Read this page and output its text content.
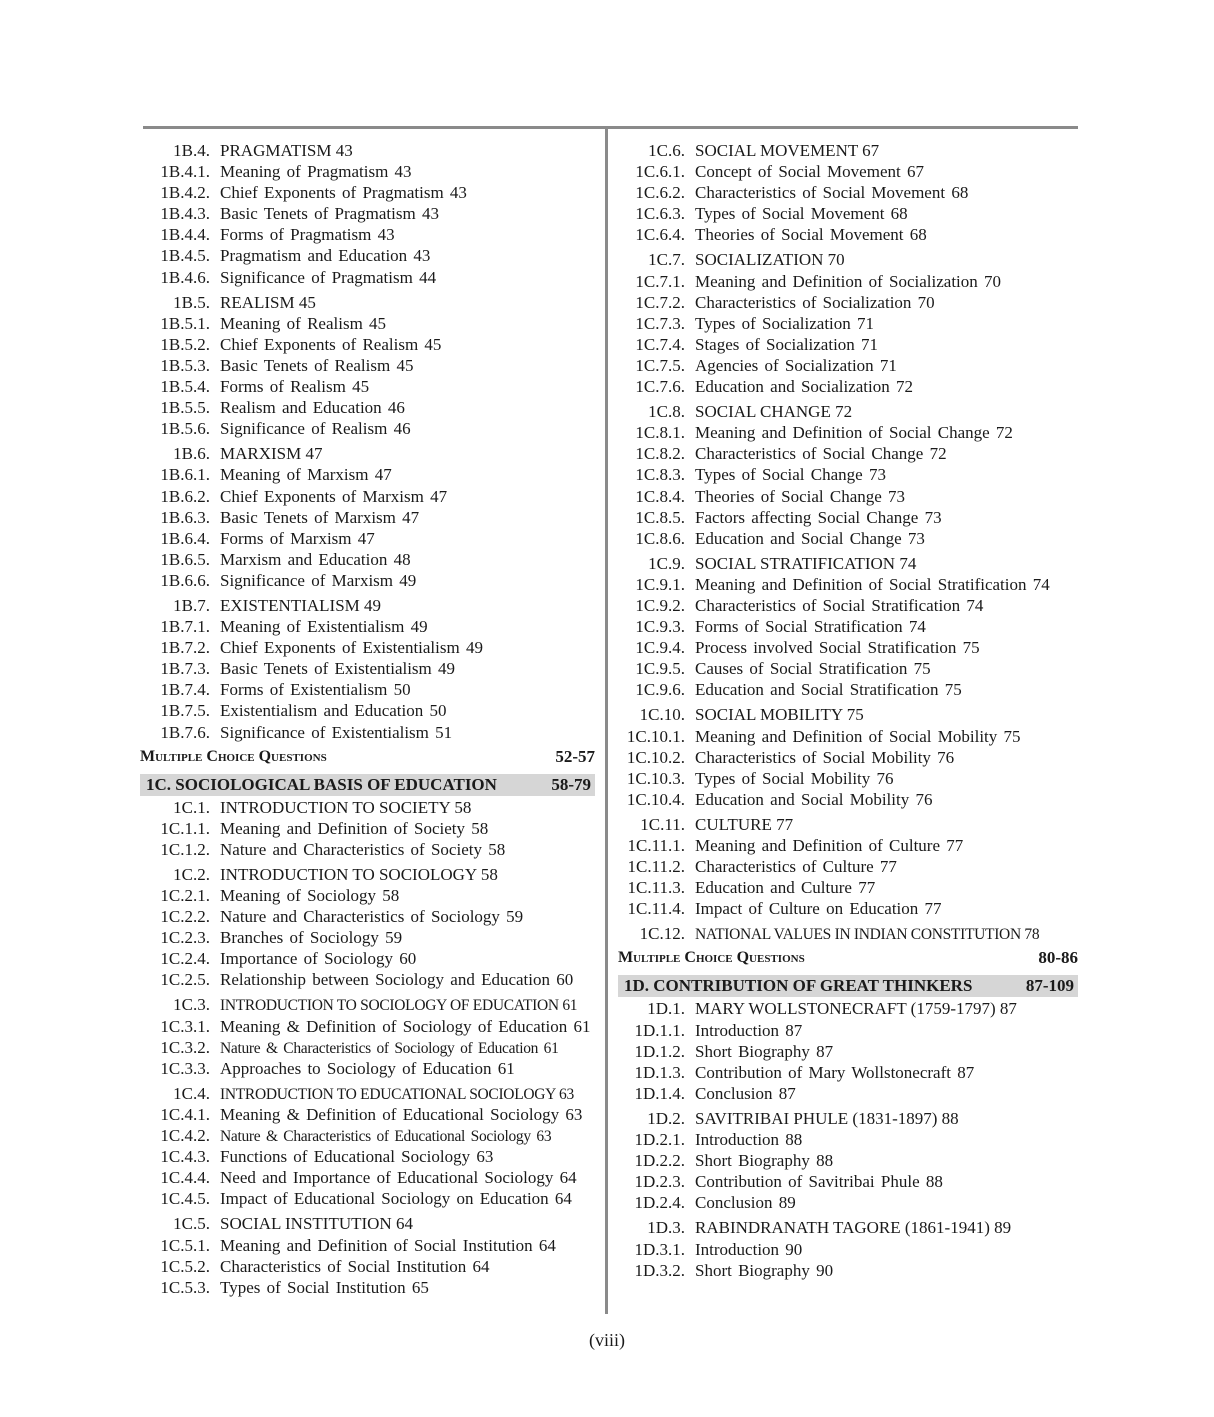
1B.4. PRAGMATISM 43
1B.4.1. Meaning of Pragmatism 43
1B.4.2. Chief Exponents of Pragmatism 43
1B.4.3. Basic Tenets of Pragmatism 43
1B.4.4. Forms of Pragmatism 43
1B.4.5. Pragmatism and Education 43
1B.4.6. Significance of Pragmatism 44
1B.5. REALISM 45
1B.5.1. Meaning of Realism 45
1B.5.2. Chief Exponents of Realism 45
1B.5.3. Basic Tenets of Realism 45
1B.5.4. Forms of Realism 45
1B.5.5. Realism and Education 46
1B.5.6. Significance of Realism 46
1B.6. MARXISM 47
1B.6.1. Meaning of Marxism 47
1B.6.2. Chief Exponents of Marxism 47
1B.6.3. Basic Tenets of Marxism 47
1B.6.4. Forms of Marxism 47
1B.6.5. Marxism and Education 48
1B.6.6. Significance of Marxism 49
1B.7. EXISTENTIALISM 49
1B.7.1. Meaning of Existentialism 49
1B.7.2. Chief Exponents of Existentialism 49
1B.7.3. Basic Tenets of Existentialism 49
1B.7.4. Forms of Existentialism 50
1B.7.5. Existentialism and Education 50
1B.7.6. Significance of Existentialism 51
Multiple Choice Questions	52-57
1C. SOCIOLOGICAL BASIS OF EDUCATION	58-79
1C.1. INTRODUCTION TO SOCIETY 58
1C.1.1. Meaning and Definition of Society 58
1C.1.2. Nature and Characteristics of Society 58
1C.2. INTRODUCTION TO SOCIOLOGY 58
1C.2.1. Meaning of Sociology 58
1C.2.2. Nature and Characteristics of Sociology 59
1C.2.3. Branches of Sociology 59
1C.2.4. Importance of Sociology 60
1C.2.5. Relationship between Sociology and Education 60
1C.3. INTRODUCTION TO SOCIOLOGY OF EDUCATION 61
1C.3.1. Meaning & Definition of Sociology of Education 61
1C.3.2. Nature & Characteristics of Sociology of Education 61
1C.3.3. Approaches to Sociology of Education 61
1C.4. INTRODUCTION TO EDUCATIONAL SOCIOLOGY 63
1C.4.1. Meaning & Definition of Educational Sociology 63
1C.4.2. Nature & Characteristics of Educational Sociology 63
1C.4.3. Functions of Educational Sociology 63
1C.4.4. Need and Importance of Educational Sociology 64
1C.4.5. Impact of Educational Sociology on Education 64
1C.5. SOCIAL INSTITUTION 64
1C.5.1. Meaning and Definition of Social Institution 64
1C.5.2. Characteristics of Social Institution 64
1C.5.3. Types of Social Institution 65
1C.6. SOCIAL MOVEMENT 67
1C.6.1. Concept of Social Movement 67
1C.6.2. Characteristics of Social Movement 68
1C.6.3. Types of Social Movement 68
1C.6.4. Theories of Social Movement 68
1C.7. SOCIALIZATION 70
1C.7.1. Meaning and Definition of Socialization 70
1C.7.2. Characteristics of Socialization 70
1C.7.3. Types of Socialization 71
1C.7.4. Stages of Socialization 71
1C.7.5. Agencies of Socialization 71
1C.7.6. Education and Socialization 72
1C.8. SOCIAL CHANGE 72
1C.8.1. Meaning and Definition of Social Change 72
1C.8.2. Characteristics of Social Change 72
1C.8.3. Types of Social Change 73
1C.8.4. Theories of Social Change 73
1C.8.5. Factors affecting Social Change 73
1C.8.6. Education and Social Change 73
1C.9. SOCIAL STRATIFICATION 74
1C.9.1. Meaning and Definition of Social Stratification 74
1C.9.2. Characteristics of Social Stratification 74
1C.9.3. Forms of Social Stratification 74
1C.9.4. Process involved Social Stratification 75
1C.9.5. Causes of Social Stratification 75
1C.9.6. Education and Social Stratification 75
1C.10. SOCIAL MOBILITY 75
1C.10.1. Meaning and Definition of Social Mobility 75
1C.10.2. Characteristics of Social Mobility 76
1C.10.3. Types of Social Mobility 76
1C.10.4. Education and Social Mobility 76
1C.11. CULTURE 77
1C.11.1. Meaning and Definition of Culture 77
1C.11.2. Characteristics of Culture 77
1C.11.3. Education and Culture 77
1C.11.4. Impact of Culture on Education 77
1C.12. NATIONAL VALUES IN INDIAN CONSTITUTION 78
Multiple Choice Questions	80-86
1D. CONTRIBUTION OF GREAT THINKERS	87-109
1D.1. MARY WOLLSTONECRAFT (1759-1797) 87
1D.1.1. Introduction 87
1D.1.2. Short Biography 87
1D.1.3. Contribution of Mary Wollstonecraft 87
1D.1.4. Conclusion 87
1D.2. SAVITRIBAI PHULE (1831-1897) 88
1D.2.1. Introduction 88
1D.2.2. Short Biography 88
1D.2.3. Contribution of Savitribai Phule 88
1D.2.4. Conclusion 89
1D.3. RABINDRANATH TAGORE (1861-1941) 89
1D.3.1. Introduction 90
1D.3.2. Short Biography 90
(viii)
